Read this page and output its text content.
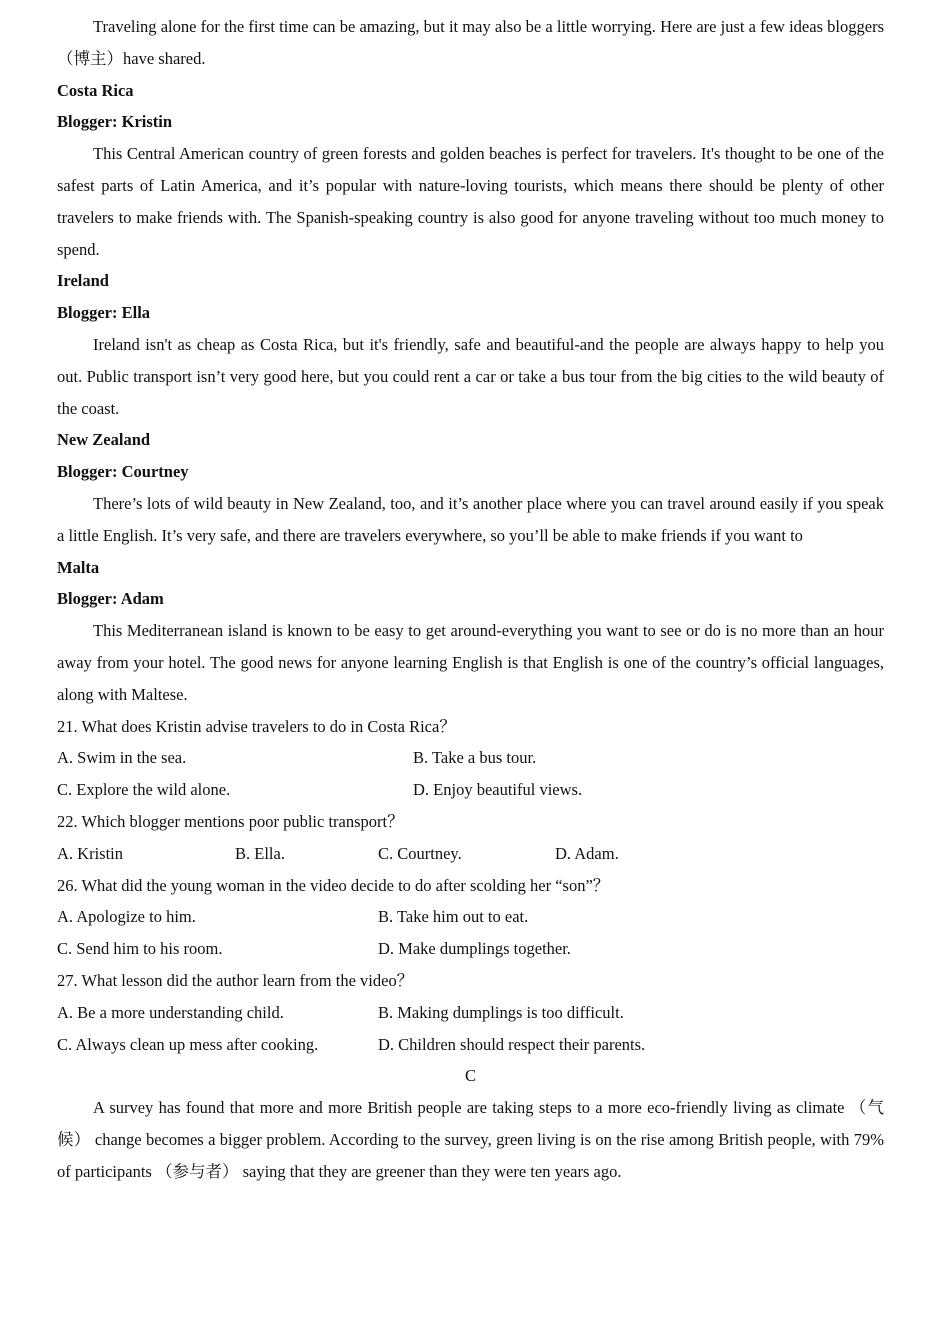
Traveling alone for the first time can be amazing, but it may also be a little worrying. Here are just a few ideas bloggers （博主）have shared.

Costa Rica
Blogger: Kristin

This Central American country of green forests and golden beaches is perfect for travelers. It's thought to be one of the safest parts of Latin America, and it’s popular with nature-loving tourists, which means there should be plenty of other travelers to make friends with. The Spanish-speaking country is also good for anyone traveling without too much money to spend.

Ireland
Blogger: Ella

Ireland isn't as cheap as Costa Rica, but it's friendly, safe and beautiful-and the people are always happy to help you out. Public transport isn’t very good here, but you could rent a car or take a bus tour from the big cities to the wild beauty of the coast.

New Zealand
Blogger: Courtney

There’s lots of wild beauty in New Zealand, too, and it’s another place where you can travel around easily if you speak a little English. It’s very safe, and there are travelers everywhere, so you’ll be able to make friends if you want to

Malta
Blogger: Adam

This Mediterranean island is known to be easy to get around-everything you want to see or do is no more than an hour away from your hotel. The good news for anyone learning English is that English is one of the country’s official languages, along with Maltese.

21. What does Kristin advise travelers to do in Costa Rica？
A. Swim in the sea.	B. Take a bus tour.
C. Explore the wild alone.	D. Enjoy beautiful views.
22. Which blogger mentions poor public transport？
A. Kristin	B. Ella.	C. Courtney.	D. Adam.
26. What did the young woman in the video decide to do after scolding her “son”？
A. Apologize to him.	B. Take him out to eat.
C. Send him to his room.	D. Make dumplings together.
27. What lesson did the author learn from the video？
A. Be a more understanding child.	B. Making dumplings is too difficult.
C. Always clean up mess after cooking.	D. Children should respect their parents.
C

A survey has found that more and more British people are taking steps to a more eco-friendly living as climate （气候） change becomes a bigger problem. According to the survey, green living is on the rise among British people, with 79% of participants （参与者） saying that they are greener than they were ten years ago.
